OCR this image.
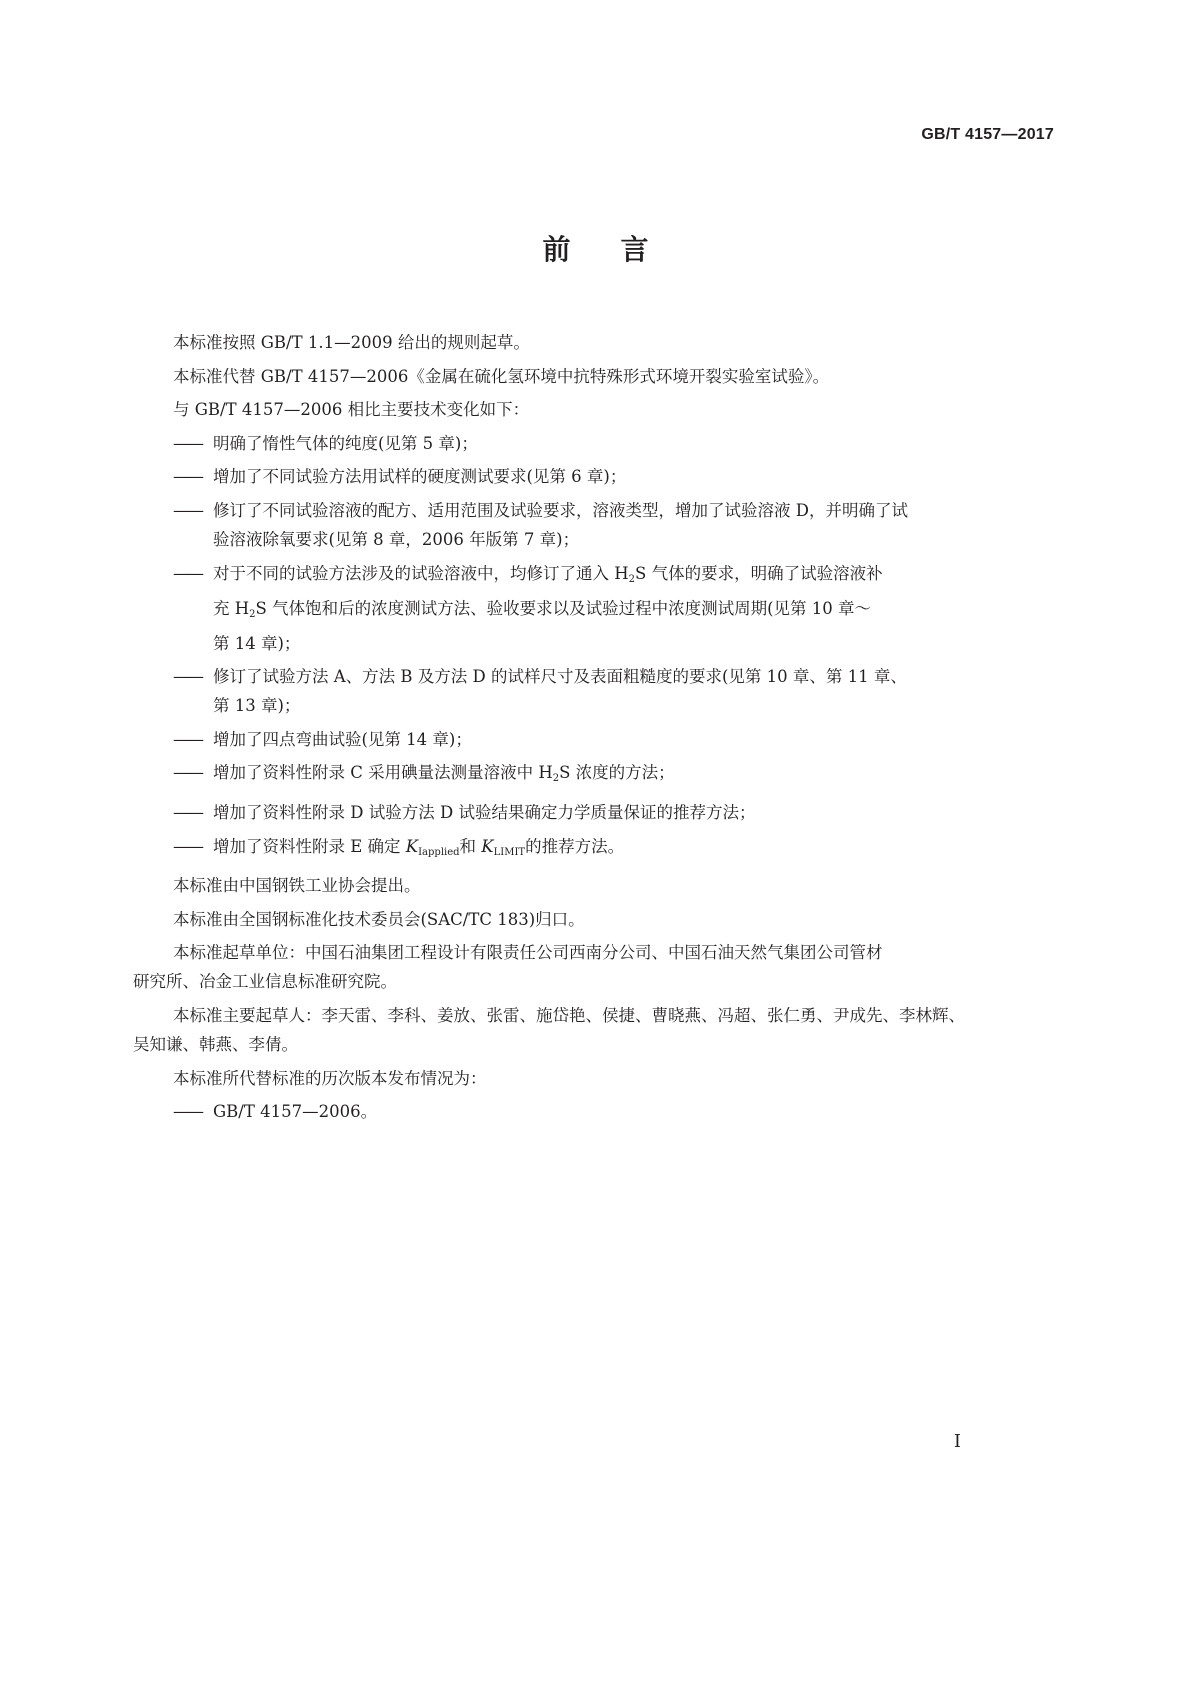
GB/T 4157—2017
前言
本标准按照 GB/T 1.1—2009 给出的规则起草。
本标准代替 GB/T 4157—2006《金属在硫化氢环境中抗特殊形式环境开裂实验室试验》。
与 GB/T 4157—2006 相比主要技术变化如下：
—— 明确了惰性气体的纯度(见第 5 章)；
—— 增加了不同试验方法用试样的硬度测试要求(见第 6 章)；
—— 修订了不同试验溶液的配方、适用范围及试验要求，溶液类型，增加了试验溶液 D，并明确了试
验溶液除氧要求(见第 8 章，2006 年版第 7 章)；
—— 对于不同的试验方法涉及的试验溶液中，均修订了通入 $H_2S$ 气体的要求，明确了试验溶液补
充 $H_2S$ 气体饱和后的浓度测试方法、验收要求以及试验过程中浓度测试周期(见第 10 章～
第 14 章)；
—— 修订了试验方法 A、方法 B 及方法 D 的试样尺寸及表面粗糙度的要求(见第 10 章、第 11 章、
第 13 章)；
—— 增加了四点弯曲试验(见第 14 章)；
—— 增加了资料性附录 C 采用碘量法测量溶液中 $H_2S$ 浓度的方法；
—— 增加了资料性附录 D 试验方法 D 试验结果确定力学质量保证的推荐方法；
—— 增加了资料性附录 E 确定 $K_{Iapplied}$和 $K_{LIMIT}$的推荐方法。
本标准由中国钢铁工业协会提出。
本标准由全国钢标准化技术委员会(SAC/TC 183)归口。
本标准起草单位：中国石油集团工程设计有限责任公司西南分公司、中国石油天然气集团公司管材
研究所、冶金工业信息标准研究院。
本标准主要起草人：李天雷、李科、姜放、张雷、施岱艳、侯捷、曹晓燕、冯超、张仁勇、尹成先、李林辉、
吴知谦、韩燕、李倩。
本标准所代替标准的历次版本发布情况为：
—— GB/T 4157—2006。
I
